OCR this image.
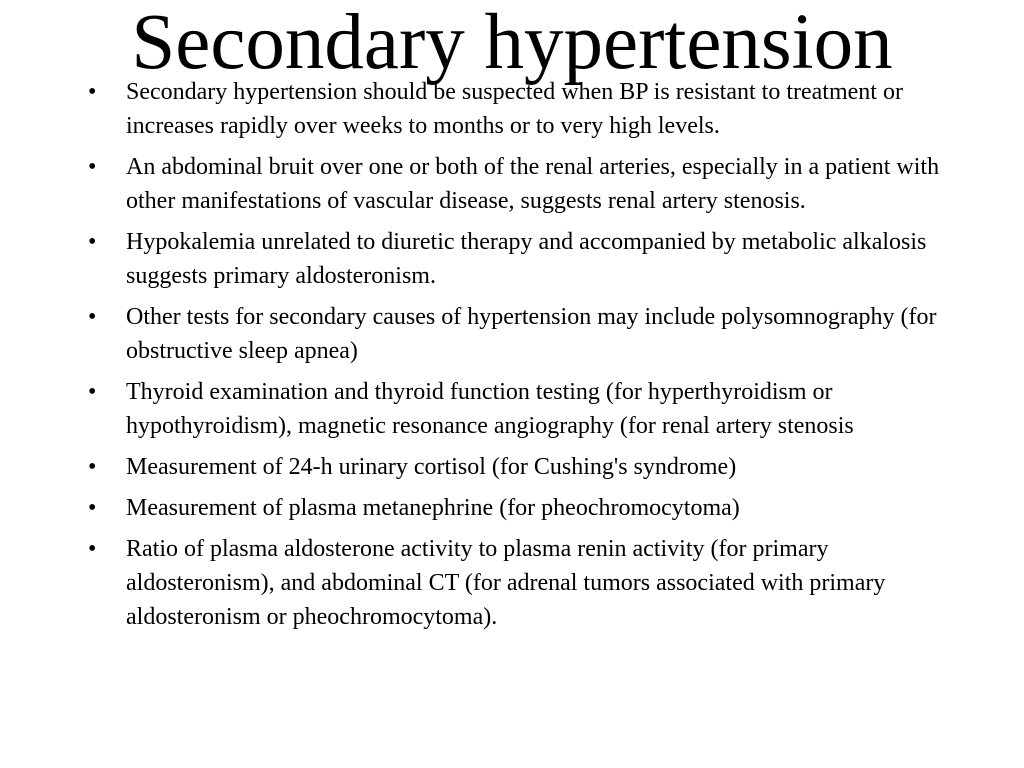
Secondary hypertension
• Secondary hypertension should be suspected when BP is resistant to treatment or increases rapidly over weeks to months or to very high levels.
• An abdominal bruit over one or both of the renal arteries, especially in a patient with other manifestations of vascular disease, suggests renal artery stenosis.
• Hypokalemia unrelated to diuretic therapy and accompanied by metabolic alkalosis suggests primary aldosteronism.
• Other tests for secondary causes of hypertension may include polysomnography (for obstructive sleep apnea)
• Thyroid examination and thyroid function testing (for hyperthyroidism or hypothyroidism), magnetic resonance angiography (for renal artery stenosis
• Measurement of 24-h urinary cortisol (for Cushing's syndrome)
• Measurement of plasma metanephrine (for pheochromocytoma)
• Ratio of plasma aldosterone activity to plasma renin activity (for primary aldosteronism), and abdominal CT (for adrenal tumors associated with primary aldosteronism or pheochromocytoma).
